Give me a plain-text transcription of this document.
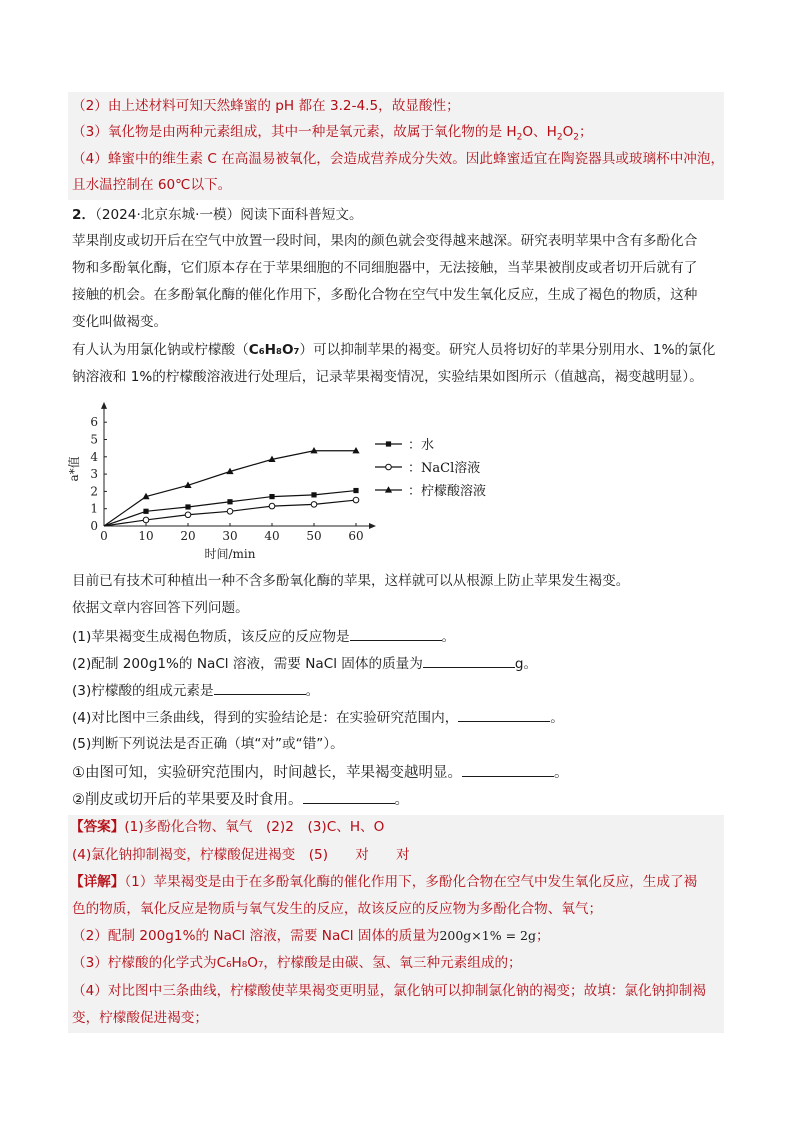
（2）由上述材料可知天然蜂蜜的 pH 都在 3.2-4.5，故显酸性；
（3）氧化物是由两种元素组成，其中一种是氧元素，故属于氧化物的是 $H_2O$、$H_2O_2$；
（4）蜂蜜中的维生素 C 在高温易被氧化，会造成营养成分失效。因此蜂蜜适宜在陶瓷器具或玻璃杯中冲泡，
且水温控制在 60℃以下。
2．（2024·北京东城·一模）阅读下面科普短文。
苹果削皮或切开后在空气中放置一段时间，果肉的颜色就会变得越来越深。研究表明苹果中含有多酚化合
物和多酚氧化酶，它们原本存在于苹果细胞的不同细胞器中，无法接触，当苹果被削皮或者切开后就有了
接触的机会。在多酚氧化酶的催化作用下，多酚化合物在空气中发生氧化反应，生成了褐色的物质，这种
变化叫做褐变。
有人认为用氯化钠或柠檬酸（C₆H₈O₇）可以抑制苹果的褐变。研究人员将切好的苹果分别用水、1%的氯化
钠溶液和 1%的柠檬酸溶液进行处理后，记录苹果褐变情况，实验结果如图所示（值越高，褐变越明显）。
0	10 20 30 40 50 60
0
1
2
3
4
5
6
时间/min
a*值
：水
：NaCl溶液
：柠檬酸溶液
目前已有技术可种植出一种不含多酚氧化酶的苹果，这样就可以从根源上防止苹果发生褐变。
依据文章内容回答下列问题。
(1)苹果褐变生成褐色物质，该反应的反应物是	。
(2)配制 200g1%的 NaCl 溶液，需要 NaCl 固体的质量为	g。
(3)柠檬酸的组成元素是	。
(4)对比图中三条曲线，得到的实验结论是：在实验研究范围内，	。
(5)判断下列说法是否正确（填“对”或“错”）。
①由图可知，实验研究范围内，时间越长，苹果褐变越明显。	。
②削皮或切开后的苹果要及时食用。	。
【答案】(1)多酚化合物、氧气　(2)2　(3)C、H、O
(4)氯化钠抑制褐变，柠檬酸促进褐变　(5)　　对　　对
【详解】（1）苹果褐变是由于在多酚氧化酶的催化作用下，多酚化合物在空气中发生氧化反应，生成了褐
色的物质，氧化反应是物质与氧气发生的反应，故该反应的反应物为多酚化合物、氧气；
（2）配制 200g1%的 NaCl 溶液，需要 NaCl 固体的质量为200g×1% = 2g；
（3）柠檬酸的化学式为C₆H₈O₇，柠檬酸是由碳、氢、氧三种元素组成的；
（4）对比图中三条曲线，柠檬酸使苹果褐变更明显，氯化钠可以抑制氯化钠的褐变；故填：氯化钠抑制褐
变，柠檬酸促进褐变；
